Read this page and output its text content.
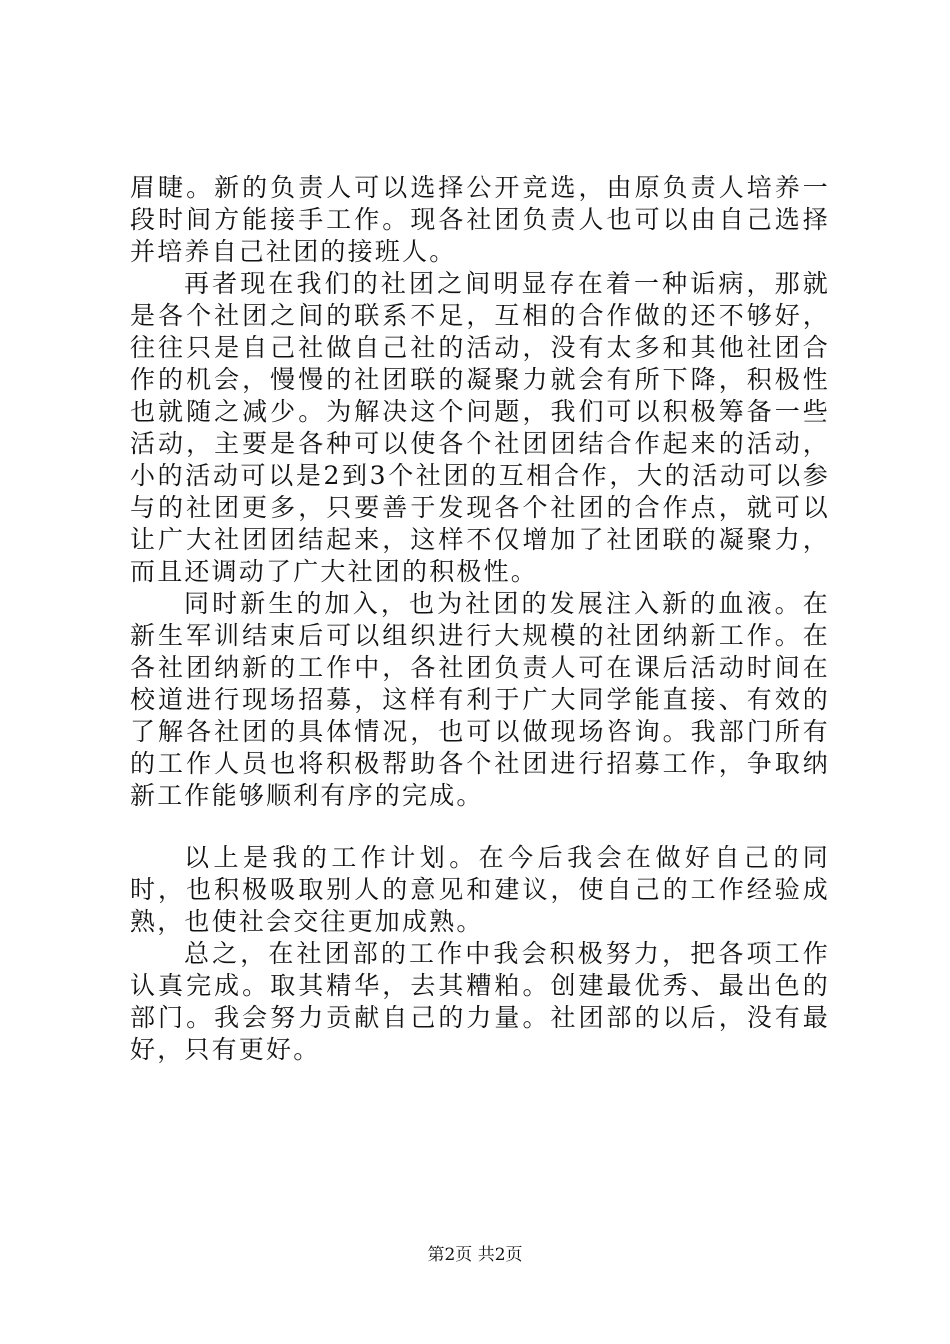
眉睫。新的负责人可以选择公开竞选，由原负责人培养一段时间方能接手工作。现各社团负责人也可以由自己选择并培养自己社团的接班人。

再者现在我们的社团之间明显存在着一种诟病，那就是各个社团之间的联系不足，互相的合作做的还不够好，往往只是自己社做自己社的活动，没有太多和其他社团合作的机会，慢慢的社团联的凝聚力就会有所下降，积极性也就随之减少。为解决这个问题，我们可以积极筹备一些活动，主要是各种可以使各个社团团结合作起来的活动，小的活动可以是2到3个社团的互相合作，大的活动可以参与的社团更多，只要善于发现各个社团的合作点，就可以让广大社团团结起来，这样不仅增加了社团联的凝聚力，而且还调动了广大社团的积极性。

同时新生的加入，也为社团的发展注入新的血液。在新生军训结束后可以组织进行大规模的社团纳新工作。在各社团纳新的工作中，各社团负责人可在课后活动时间在校道进行现场招募，这样有利于广大同学能直接、有效的了解各社团的具体情况，也可以做现场咨询。我部门所有的工作人员也将积极帮助各个社团进行招募工作，争取纳新工作能够顺利有序的完成。

以上是我的工作计划。在今后我会在做好自己的同时，也积极吸取别人的意见和建议，使自己的工作经验成熟，也使社会交往更加成熟。

总之，在社团部的工作中我会积极努力，把各项工作认真完成。取其精华，去其糟粕。创建最优秀、最出色的部门。我会努力贡献自己的力量。社团部的以后，没有最好，只有更好。

第2页 共2页
